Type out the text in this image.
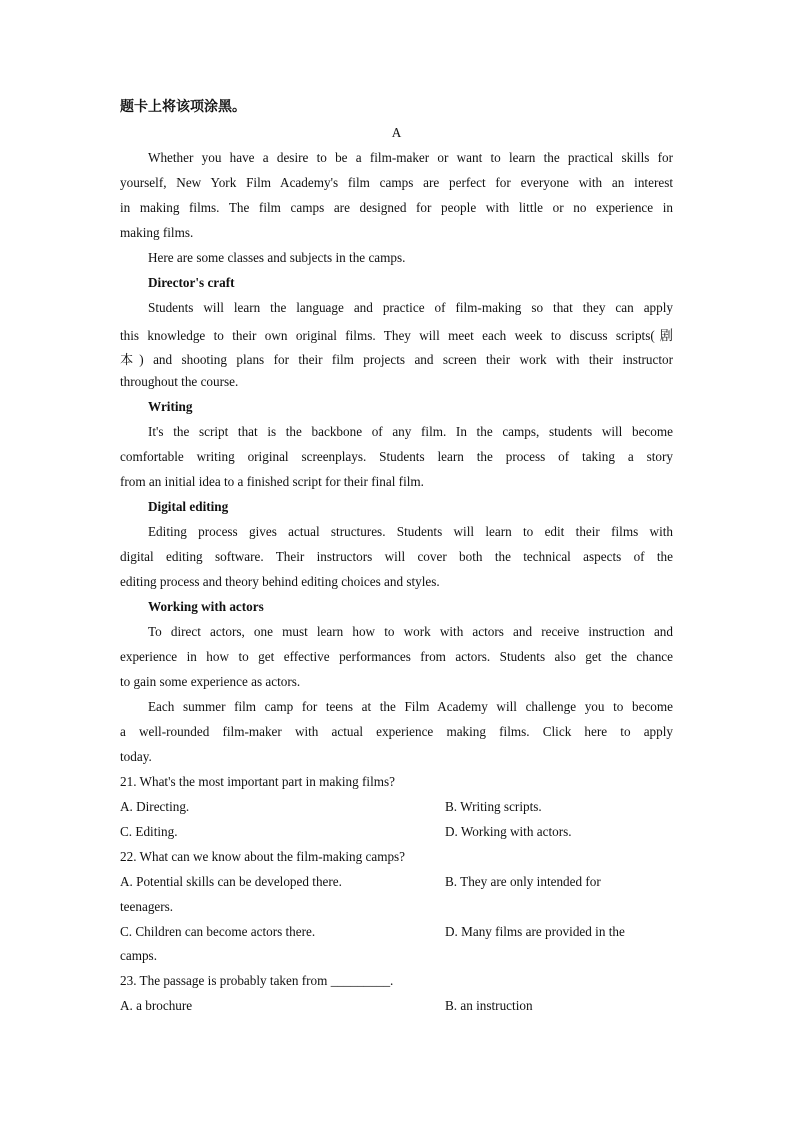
题卡上将该项涂黑。
A
Whether you have a desire to be a film-maker or want to learn the practical skills for
yourself, New York Film Academy's film camps are perfect for everyone with an interest
in making films. The film camps are designed for people with little or no experience in
making films.
Here are some classes and subjects in the camps.
Director's craft
Students will learn the language and practice of film-making so that they can apply
this knowledge to their own original films. They will meet each week to discuss scripts(剧
本) and shooting plans for their film projects and screen their work with their instructor
throughout the course.
Writing
It's the script that is the backbone of any film. In the camps, students will become
comfortable writing original screenplays. Students learn the process of taking a story
from an initial idea to a finished script for their final film.
Digital editing
Editing process gives actual structures. Students will learn to edit their films with
digital editing software. Their instructors will cover both the technical aspects of the
editing process and theory behind editing choices and styles.
Working with actors
To direct actors, one must learn how to work with actors and receive instruction and
experience in how to get effective performances from actors. Students also get the chance
to gain some experience as actors.
Each summer film camp for teens at the Film Academy will challenge you to become
a well-rounded film-maker with actual experience making films. Click here to apply
today.
21. What's the most important part in making films?
A. Directing.	B. Writing scripts.
C. Editing.	D. Working with actors.
22. What can we know about the film-making camps?
A. Potential skills can be developed there.	B. They are only intended for
teenagers.
C. Children can become actors there.	D. Many films are provided in the
camps.
23. The passage is probably taken from _________.
A. a brochure	B. an instruction
